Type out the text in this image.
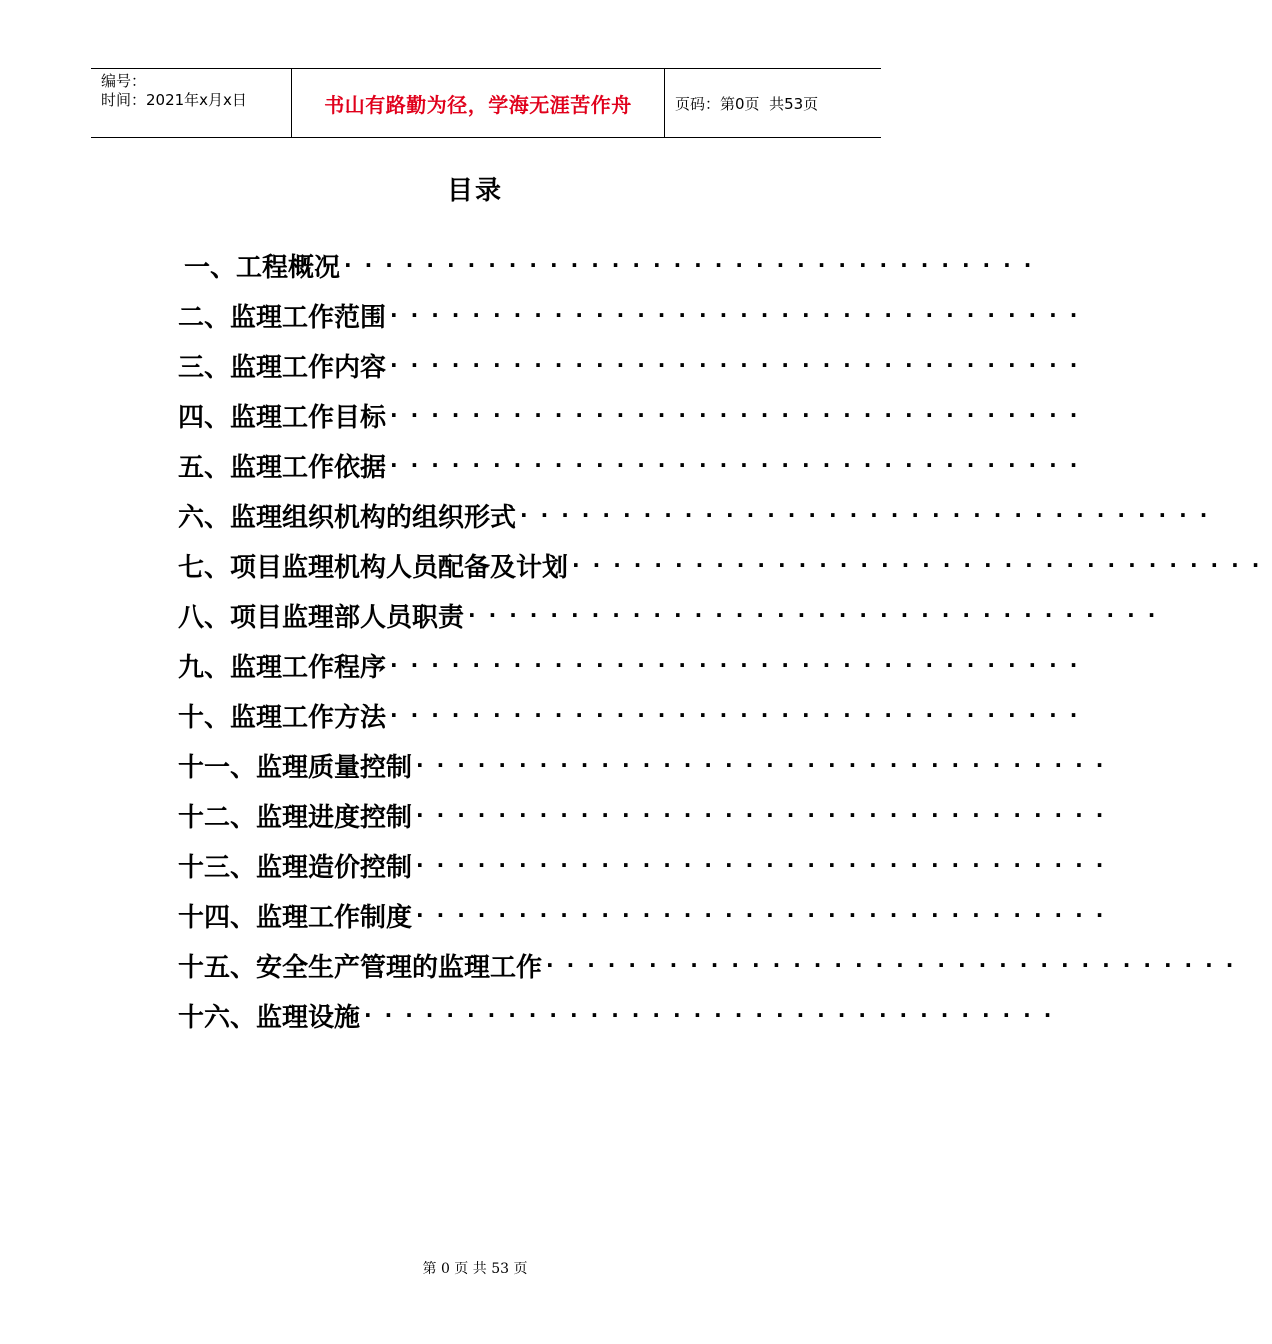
编号：
时间：2021年x月x日	书山有路勤为径，学海无涯苦作舟	页码：第0页  共53页
目录
一、工程概况 ··································
二、监理工作范围 ··································
三、监理工作内容 ··································
四、监理工作目标 ··································
五、监理工作依据 ··································
六、监理组织机构的组织形式 ··································
七、项目监理机构人员配备及计划 ··································
八、项目监理部人员职责 ··································
九、监理工作程序 ··································
十、监理工作方法 ··································
十一、监理质量控制 ··································
十二、监理进度控制 ··································
十三、监理造价控制 ··································
十四、监理工作制度 ··································
十五、安全生产管理的监理工作 ··································
十六、监理设施 ··································
第 0 页 共 53 页
